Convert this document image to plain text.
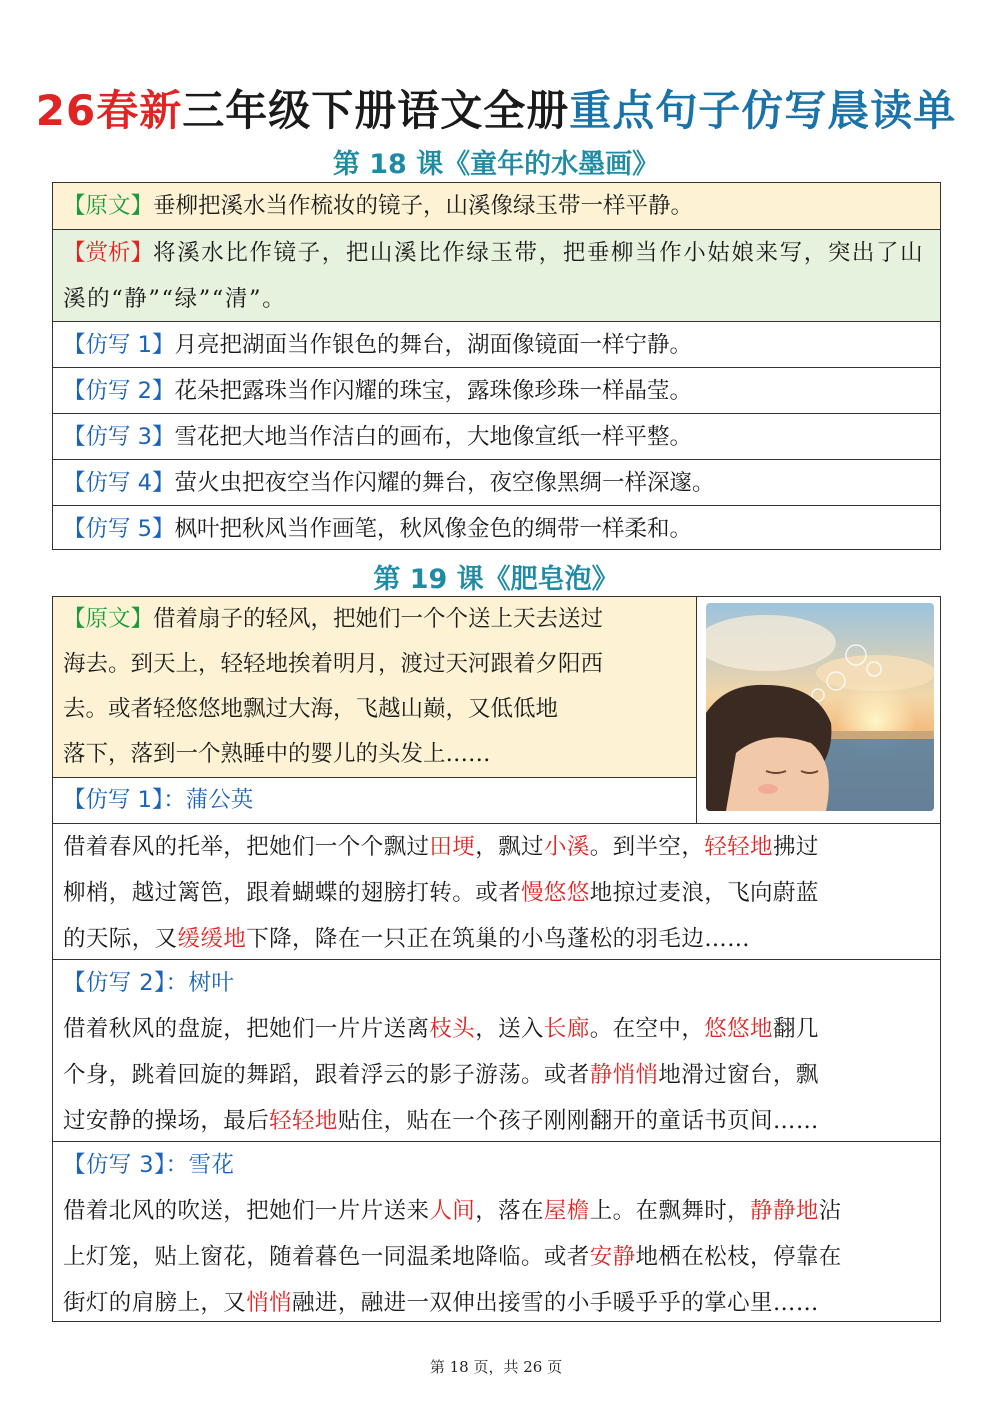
26春新三年级下册语文全册重点句子仿写晨读单
第 18 课《童年的水墨画》
【原文】垂柳把溪水当作梳妆的镜子，山溪像绿玉带一样平静。
【赏析】将溪水比作镜子，把山溪比作绿玉带，把垂柳当作小姑娘来写，突出了山溪的“静”“绿”“清”。
【仿写 1】月亮把湖面当作银色的舞台，湖面像镜面一样宁静。
【仿写 2】花朵把露珠当作闪耀的珠宝，露珠像珍珠一样晶莹。
【仿写 3】雪花把大地当作洁白的画布，大地像宣纸一样平整。
【仿写 4】萤火虫把夜空当作闪耀的舞台，夜空像黑绸一样深邃。
【仿写 5】枫叶把秋风当作画笔，秋风像金色的绸带一样柔和。
第 19 课《肥皂泡》
【原文】借着扇子的轻风，把她们一个个送上天去送过
海去。到天上，轻轻地挨着明月，渡过天河跟着夕阳西
去。或者轻悠悠地飘过大海，飞越山巅，又低低地
落下，落到一个熟睡中的婴儿的头发上……
【仿写 1】：蒲公英
借着春风的托举，把她们一个个飘过田埂，飘过小溪。到半空，轻轻地拂过
柳梢，越过篱笆，跟着蝴蝶的翅膀打转。或者慢悠悠地掠过麦浪，飞向蔚蓝
的天际，又缓缓地下降，降在一只正在筑巢的小鸟蓬松的羽毛边……
【仿写 2】：树叶
借着秋风的盘旋，把她们一片片送离枝头，送入长廊。在空中，悠悠地翻几
个身，跳着回旋的舞蹈，跟着浮云的影子游荡。或者静悄悄地滑过窗台，飘
过安静的操场，最后轻轻地贴住，贴在一个孩子刚刚翻开的童话书页间……
【仿写 3】：雪花
借着北风的吹送，把她们一片片送来人间，落在屋檐上。在飘舞时，静静地沾
上灯笼，贴上窗花，随着暮色一同温柔地降临。或者安静地栖在松枝，停靠在
街灯的肩膀上，又悄悄融进，融进一双伸出接雪的小手暖乎乎的掌心里……
第 18 页，共 26 页
